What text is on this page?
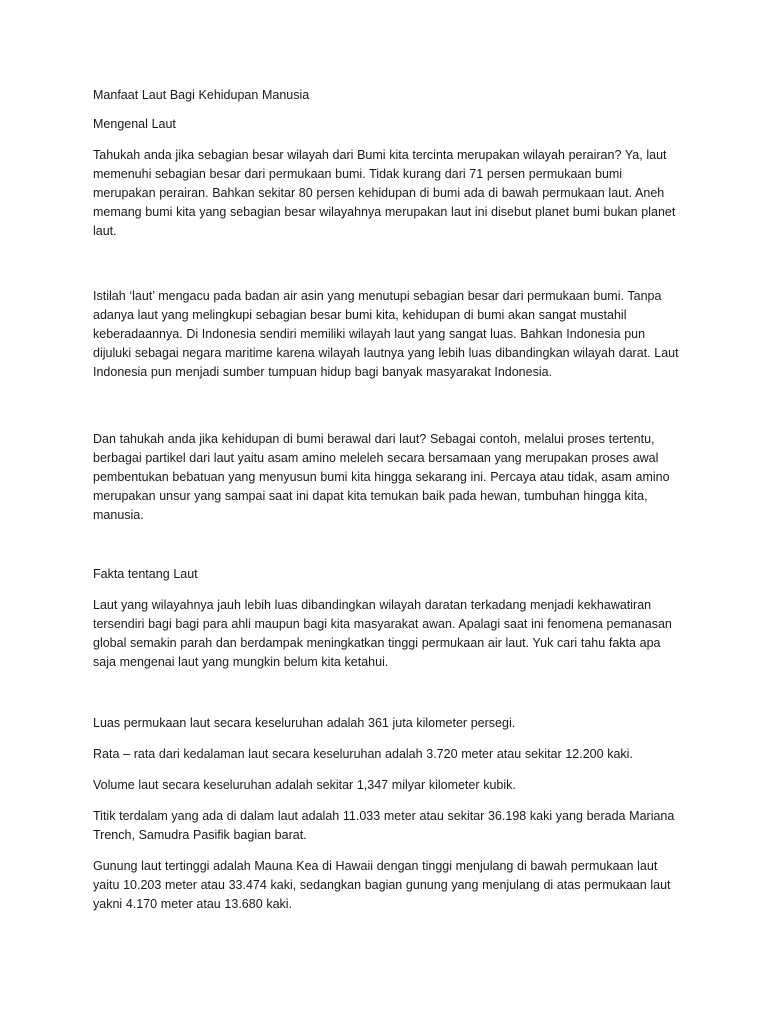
Manfaat Laut Bagi Kehidupan Manusia

Mengenal Laut

Tahukah anda jika sebagian besar wilayah dari Bumi kita tercinta merupakan wilayah perairan? Ya, laut memenuhi sebagian besar dari permukaan bumi. Tidak kurang dari 71 persen permukaan bumi merupakan perairan. Bahkan sekitar 80 persen kehidupan di bumi ada di bawah permukaan laut. Aneh memang bumi kita yang sebagian besar wilayahnya merupakan laut ini disebut planet bumi bukan planet laut.

Istilah ‘laut’ mengacu pada badan air asin yang menutupi sebagian besar dari permukaan bumi. Tanpa adanya laut yang melingkupi sebagian besar bumi kita, kehidupan di bumi akan sangat mustahil keberadaannya. Di Indonesia sendiri memiliki wilayah laut yang sangat luas. Bahkan Indonesia pun dijuluki sebagai negara maritime karena wilayah lautnya yang lebih luas dibandingkan wilayah darat. Laut Indonesia pun menjadi sumber tumpuan hidup bagi banyak masyarakat Indonesia.

Dan tahukah anda jika kehidupan di bumi berawal dari laut? Sebagai contoh, melalui proses tertentu, berbagai partikel dari laut yaitu asam amino meleleh secara bersamaan yang merupakan proses awal pembentukan bebatuan yang menyusun bumi kita hingga sekarang ini. Percaya atau tidak, asam amino merupakan unsur yang sampai saat ini dapat kita temukan baik pada hewan, tumbuhan hingga kita, manusia.

Fakta tentang Laut

Laut yang wilayahnya jauh lebih luas dibandingkan wilayah daratan terkadang menjadi kekhawatiran tersendiri bagi bagi para ahli maupun bagi kita masyarakat awan. Apalagi saat ini fenomena pemanasan global semakin parah dan berdampak meningkatkan tinggi permukaan air laut. Yuk cari tahu fakta apa saja mengenai laut yang mungkin belum kita ketahui.

Luas permukaan laut secara keseluruhan adalah 361 juta kilometer persegi.

Rata – rata dari kedalaman laut secara keseluruhan adalah 3.720 meter atau sekitar 12.200 kaki.

Volume laut secara keseluruhan adalah sekitar 1,347 milyar kilometer kubik.

Titik terdalam yang ada di dalam laut adalah 11.033 meter atau sekitar 36.198 kaki yang berada Mariana Trench, Samudra Pasifik bagian barat.

Gunung laut tertinggi adalah Mauna Kea di Hawaii dengan tinggi menjulang di bawah permukaan laut yaitu 10.203 meter atau 33.474 kaki, sedangkan bagian gunung yang menjulang di atas permukaan laut yakni 4.170 meter atau 13.680 kaki.
